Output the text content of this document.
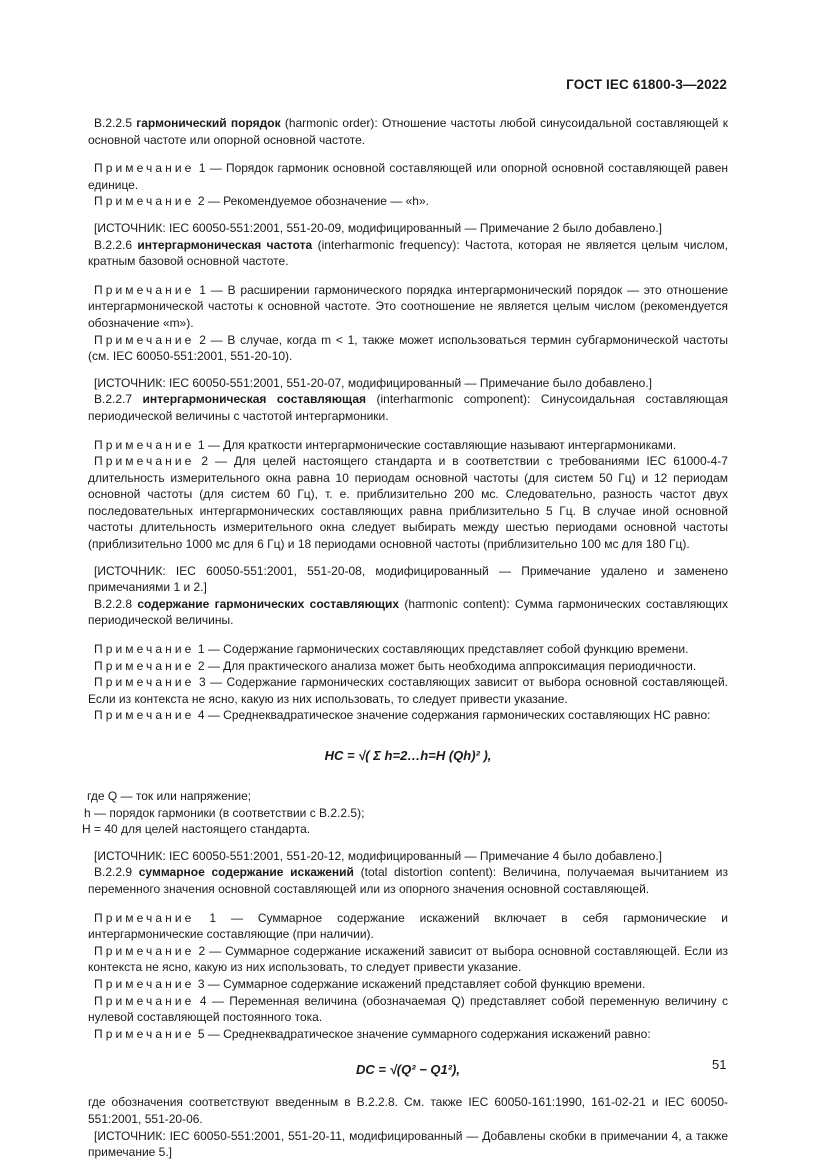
ГОСТ IEC 61800-3—2022

B.2.2.5 гармонический порядок (harmonic order): Отношение частоты любой синусоидальной составляющей к основной частоте или опорной основной частоте.

Примечание 1 — Порядок гармоник основной составляющей или опорной основной составляющей равен единице.

Примечание 2 — Рекомендуемое обозначение — «h».

[ИСТОЧНИК: IEC 60050-551:2001, 551-20-09, модифицированный — Примечание 2 было добавлено.]

B.2.2.6 интергармоническая частота (interharmonic frequency): Частота, которая не является целым числом, кратным базовой основной частоте.

Примечание 1 — В расширении гармонического порядка интергармонический порядок — это отношение интергармонической частоты к основной частоте. Это соотношение не является целым числом (рекомендуется обозначение «m»).

Примечание 2 — В случае, когда m < 1, также может использоваться термин субгармонической частоты (см. IEC 60050-551:2001, 551-20-10).

[ИСТОЧНИК: IEC 60050-551:2001, 551-20-07, модифицированный — Примечание было добавлено.]

B.2.2.7 интергармоническая составляющая (interharmonic component): Синусоидальная составляющая периодической величины с частотой интергармоники.

Примечание 1 — Для краткости интергармонические составляющие называют интергармониками.

Примечание 2 — Для целей настоящего стандарта и в соответствии с требованиями IEC 61000-4-7 длительность измерительного окна равна 10 периодам основной частоты (для систем 50 Гц) и 12 периодам основной частоты (для систем 60 Гц), т. е. приблизительно 200 мс. Следовательно, разность частот двух последовательных интергармонических составляющих равна приблизительно 5 Гц. В случае иной основной частоты длительность измерительного окна следует выбирать между шестью периодами основной частоты (приблизительно 1000 мс для 6 Гц) и 18 периодами основной частоты (приблизительно 100 мс для 180 Гц).

[ИСТОЧНИК: IEC 60050-551:2001, 551-20-08, модифицированный — Примечание удалено и заменено примечаниями 1 и 2.]

B.2.2.8 содержание гармонических составляющих (harmonic content): Сумма гармонических составляющих периодической величины.

Примечание 1 — Содержание гармонических составляющих представляет собой функцию времени.

Примечание 2 — Для практического анализа может быть необходима аппроксимация периодичности.

Примечание 3 — Содержание гармонических составляющих зависит от выбора основной составляющей. Если из контекста не ясно, какую из них использовать, то следует привести указание.

Примечание 4 — Среднеквадратическое значение содержания гармонических составляющих НС равно:

HC = √( Σ h=2…h=H (Qh)² ),

где Q — ток или напряжение;

h — порядок гармоники (в соответствии с B.2.2.5);

H = 40 для целей настоящего стандарта.

[ИСТОЧНИК: IEC 60050-551:2001, 551-20-12, модифицированный — Примечание 4 было добавлено.]

B.2.2.9 суммарное содержание искажений (total distortion content): Величина, получаемая вычитанием из переменного значения основной составляющей или из опорного значения основной составляющей.

Примечание 1 — Суммарное содержание искажений включает в себя гармонические и интергармонические составляющие (при наличии).

Примечание 2 — Суммарное содержание искажений зависит от выбора основной составляющей. Если из контекста не ясно, какую из них использовать, то следует привести указание.

Примечание 3 — Суммарное содержание искажений представляет собой функцию времени.

Примечание 4 — Переменная величина (обозначаемая Q) представляет собой переменную величину с нулевой составляющей постоянного тока.

Примечание 5 — Среднеквадратическое значение суммарного содержания искажений равно:

DC = √(Q² − Q1²),

где обозначения соответствуют введенным в B.2.2.8. См. также IEC 60050-161:1990, 161-02-21 и IEC 60050-551:2001, 551-20-06.

[ИСТОЧНИК: IEC 60050-551:2001, 551-20-11, модифицированный — Добавлены скобки в примечании 4, а также примечание 5.]

51
